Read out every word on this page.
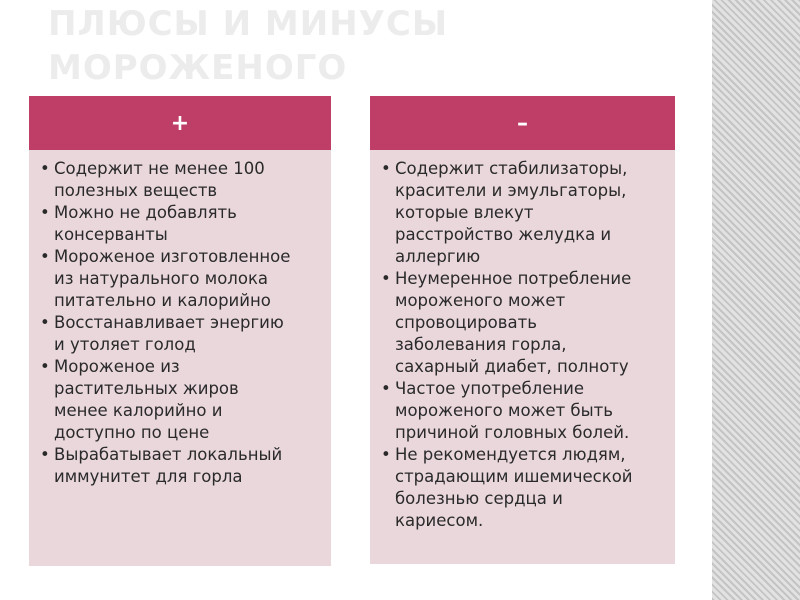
ПЛЮСЫ И МИНУСЫ
МОРОЖЕНОГО
+
• Содержит не менее 100
полезных веществ
• Можно не добавлять
консерванты
• Мороженое изготовленное
из натурального молока
питательно и калорийно
• Восстанавливает энергию
и утоляет голод
• Мороженое из
растительных жиров
менее калорийно и
доступно по цене
• Вырабатывает локальный
иммунитет для горла
–
• Содержит стабилизаторы,
красители и эмульгаторы,
которые влекут
расстройство желудка и
аллергию
• Неумеренное потребление
мороженого может
спровоцировать
заболевания горла,
сахарный диабет, полноту
• Частое употребление
мороженого может быть
причиной головных болей.
• Не рекомендуется людям,
страдающим ишемической
болезнью сердца и
кариесом.
